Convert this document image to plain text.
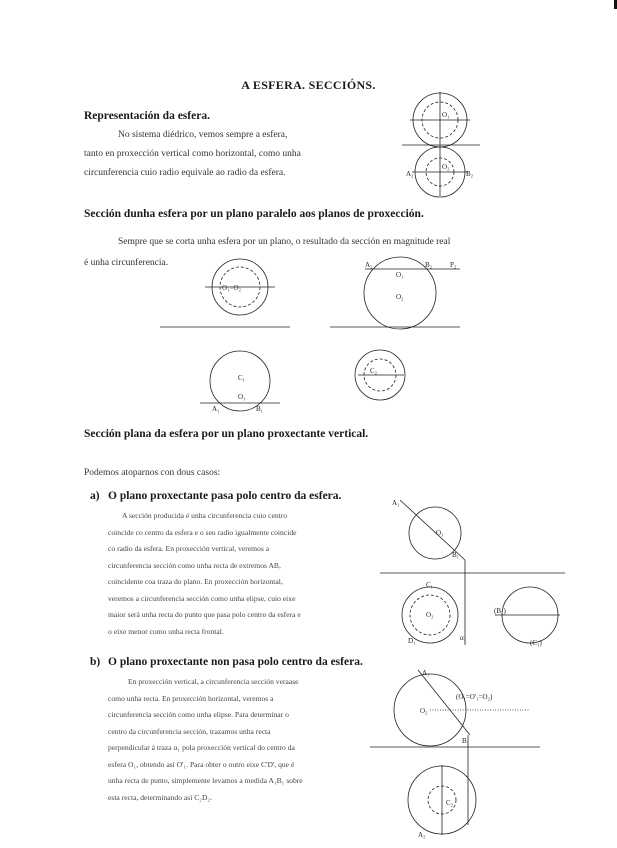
A ESFERA. SECCIÓNS.
Representación da esfera.
No sistema diédrico, vemos sempre a esfera,
tanto en proxección vertical como horizontal, como unha
circunferencia cuio radio equivale ao radio da esfera.
O₁
O₂
A₂	B₂
Sección dunha esfera por un plano paralelo aos planos de proxección.
Sempre que se corta unha esfera por un plano, o resultado da sección en magnitude real
é unha circunferencia.
O₁=O₂
A₂	B₂	P₂
O₁
O₂
C₁
O₁
A₁	B₁
C₂
Sección plana da esfera por un plano proxectante vertical.
Podemos atoparnos con dous casos:
a) O plano proxectante pasa polo centro da esfera.
A sección producida é unha circunferencia cuio centro
coincide co centro da esfera e o seu radio igualmente coincide
co radio da esfera. En proxección vertical, veremos a
circunferencia sección como unha recta de extremos AB,
coincidente coa traza do plano. En proxección horizontal,
veremos a circunferencia sección como unha elipse, cuio eixe
maior será unha recta do punto que pasa polo centro da esfera e
o eixe menor como unha recta frontal.
O₁
B₁
A₁
C₁
O₂
D₁
(B₁)
(C₁)
α₁
b) O plano proxectante non pasa polo centro da esfera.
En proxección vertical, a circunferencia sección veraase
como unha recta. En proxección horizontal, veremos a
circunferencia sección como unha elipse. Para determinar o
centro da circunferencia sección, trazamos unha recta
perpendicular á traza α₁ pola proxección vertical do centro da
esfera O₁, obtendo así O'₁. Para obter o outro eixe C'D', que é
unha recta de punto, simplemente levamos a medida A₁B₁ sobre
esta recta, determinando así C₂D₂.
A₁
O₂
(O₁=O'₁=O₂)
B₁
C₂
A₂
